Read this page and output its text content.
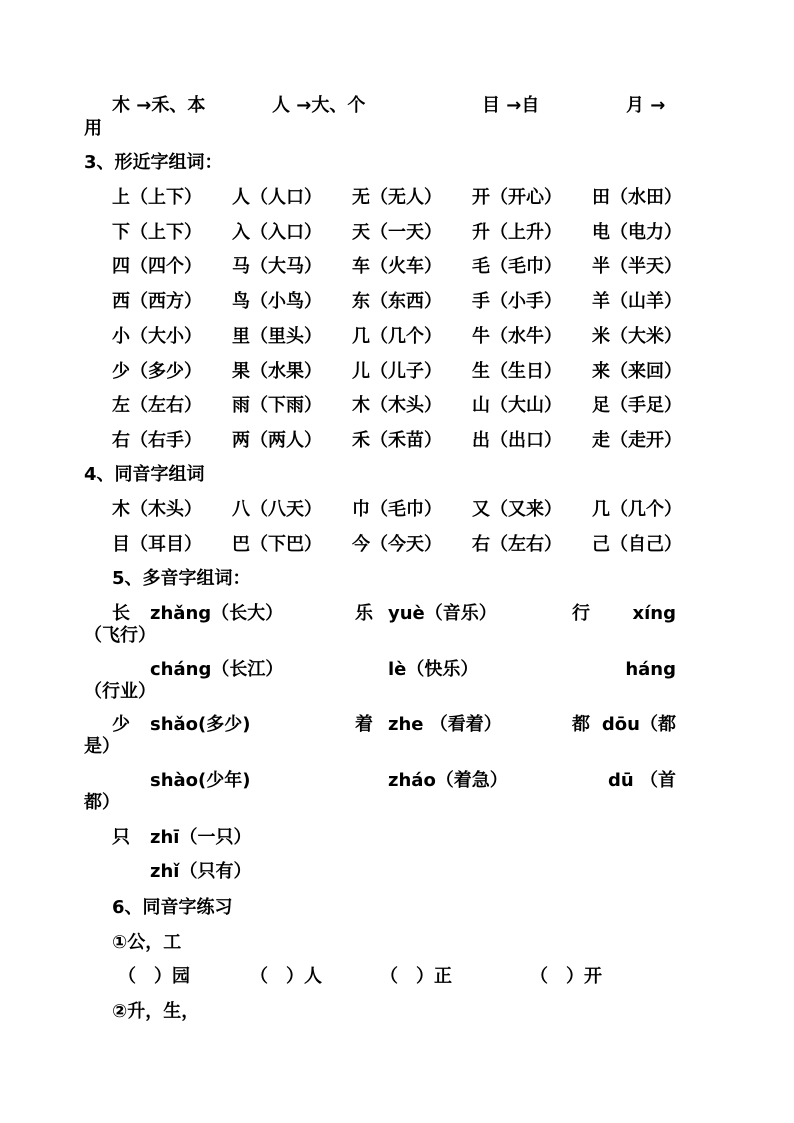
木 →禾、本	人 →大、个	目 →自	月 →
用
3、形近字组词：
上（上下） 人（人口） 无（无人） 开（开心） 田（水田）
下（上下） 入（入口） 天（一天） 升（上升） 电（电力）
四（四个） 马（大马） 车（火车） 毛（毛巾） 半（半天）
西（西方） 鸟（小鸟） 东（东西） 手（小手） 羊（山羊）
小（大小） 里（里头） 几（几个） 牛（水牛） 米（大米）
少（多少） 果（水果） 儿（儿子） 生（生日） 来（来回）
左（左右） 雨（下雨） 木（木头） 山（大山） 足（手足）
右（右手） 两（两人） 禾（禾苗） 出（出口） 走（走开）
4、同音字组词
木（木头） 八（八天） 巾（毛巾） 又（又来） 几（几个）
目（耳目） 巴（下巴） 今（今天） 右（左右） 己（自己）
5、多音字组词：
长 zhǎng（长大）	乐 yuè（音乐）	行 xíng
（飞行）
cháng（长江）	lè（快乐）	háng
（行业）
少 shǎo(多少)	着 zhe （看着）	都 dōu（都
是）
shào(少年)	zháo（着急）	dū （首
都）
只 zhī（一只）
zhǐ（只有）
6、同音字练习
①公，工
（　）园	（　）人	（　）正	（　）开
②升，生，
